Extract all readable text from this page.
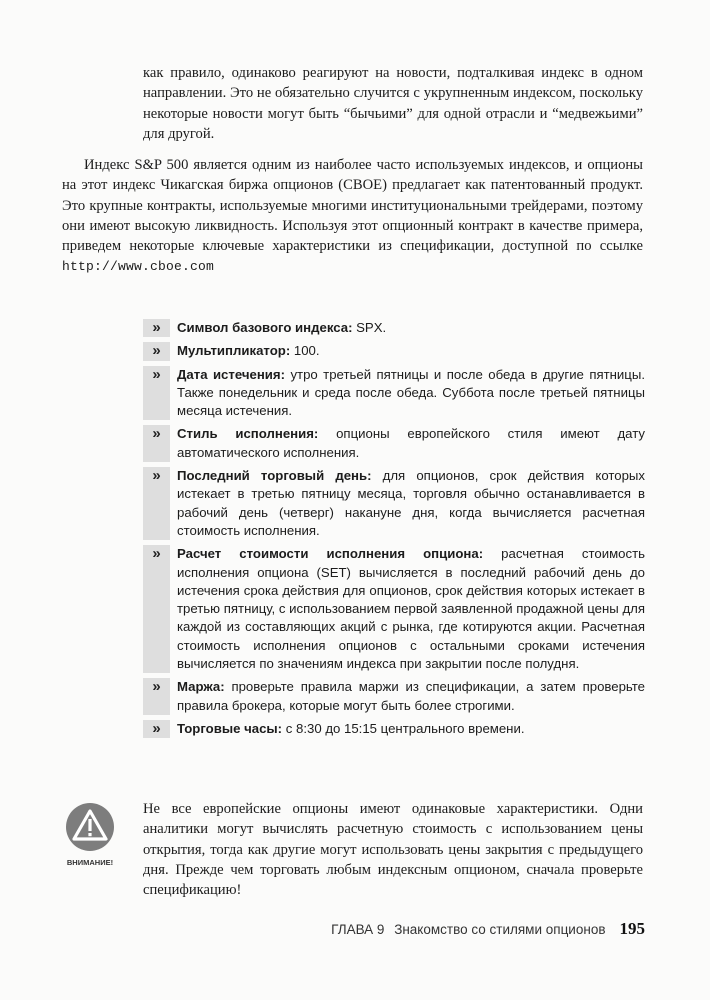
как правило, одинаково реагируют на новости, подталкивая индекс в одном направлении. Это не обязательно случится с укрупненным индексом, поскольку некоторые новости могут быть “бычьими” для одной отрасли и “медвежьими” для другой.
Индекс S&P 500 является одним из наиболее часто используемых индексов, и опционы на этот индекс Чикагская биржа опционов (CBOE) предлагает как патентованный продукт. Это крупные контракты, используемые многими институциональными трейдерами, поэтому они имеют высокую ликвидность. Используя этот опционный контракт в качестве примера, приведем некоторые ключевые характеристики из спецификации, доступной по ссылке http://www.cboe.com
»	Символ базового индекса: SPX.
»	Мультипликатор: 100.
»	Дата истечения: утро третьей пятницы и после обеда в другие пятницы. Также понедельник и среда после обеда. Суббота после третьей пятницы месяца истечения.
»	Стиль исполнения: опционы европейского стиля имеют дату автоматического исполнения.
»	Последний торговый день: для опционов, срок действия которых истекает в третью пятницу месяца, торговля обычно останавливается в рабочий день (четверг) накануне дня, когда вычисляется расчетная стоимость исполнения.
»	Расчет стоимости исполнения опциона: расчетная стоимость исполнения опциона (SET) вычисляется в последний рабочий день до истечения срока действия для опционов, срок действия которых истекает в третью пятницу, с использованием первой заявленной продажной цены для каждой из составляющих акций с рынка, где котируются акции. Расчетная стоимость исполнения опционов с остальными сроками истечения вычисляется по значениям индекса при закрытии после полудня.
»	Маржа: проверьте правила маржи из спецификации, а затем проверьте правила брокера, которые могут быть более строгими.
»	Торговые часы: с 8:30 до 15:15 центрального времени.
ВНИМАНИЕ!
Не все европейские опционы имеют одинаковые характеристики. Одни аналитики могут вычислять расчетную стоимость с использованием цены открытия, тогда как другие могут использовать цены закрытия с предыдущего дня. Прежде чем торговать любым индексным опционом, сначала проверьте спецификацию!
ГЛАВА 9 Знакомство со стилями опционов 195
